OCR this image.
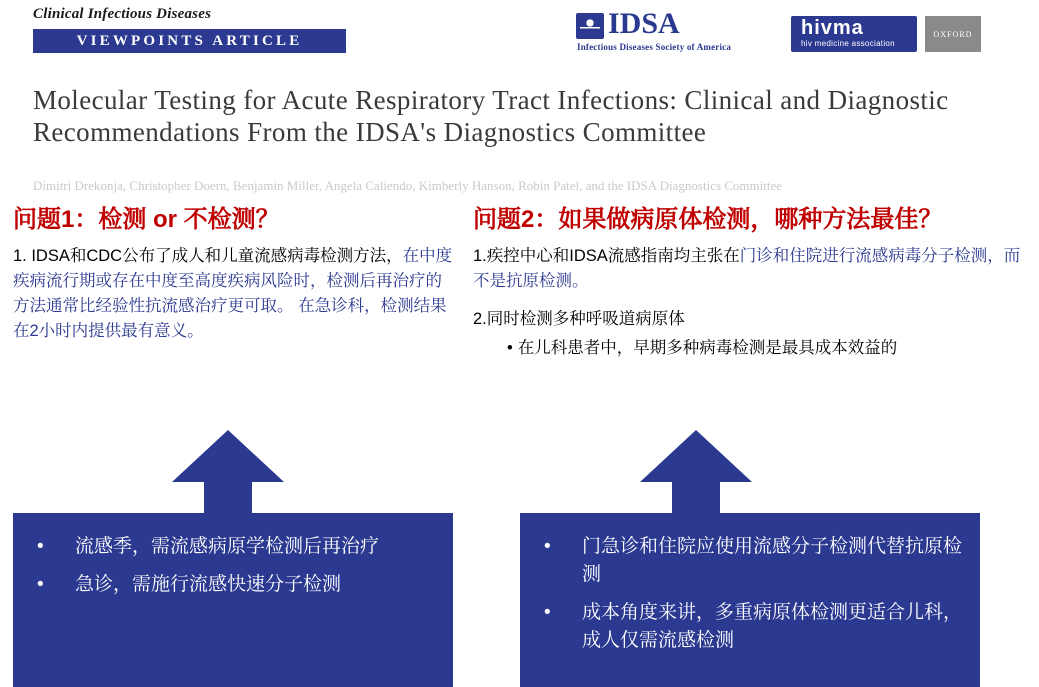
Clinical Infectious Diseases
VIEWPOINTS ARTICLE
IDSA
Infectious Diseases Society of America
hivma
hiv medicine association
OXFORD
Molecular Testing for Acute Respiratory Tract Infections: Clinical and Diagnostic Recommendations From the IDSA's Diagnostics Committee
Dimitri Drekonja, Christopher Doern, Benjamin Miller, Angela Caliendo, Kimberly Hanson, Robin Patel, and the IDSA Diagnostics Committee
问题1：检测 or 不检测？
1. IDSA和CDC公布了成人和儿童流感病毒检测方法，在中度疾病流行期或存在中度至高度疾病风险时，检测后再治疗的方法通常比经验性抗流感治疗更可取。 在急诊科，检测结果在2小时内提供最有意义。
问题2：如果做病原体检测，哪种方法最佳？
1.疾控中心和IDSA流感指南均主张在门诊和住院进行流感病毒分子检测，而不是抗原检测。
2.同时检测多种呼吸道病原体
• 在儿科患者中，早期多种病毒检测是最具成本效益的
•	流感季，需流感病原学检测后再治疗
•	急诊，需施行流感快速分子检测
•	门急诊和住院应使用流感分子检测代替抗原检测
•	成本角度来讲，多重病原体检测更适合儿科，成人仅需流感检测
